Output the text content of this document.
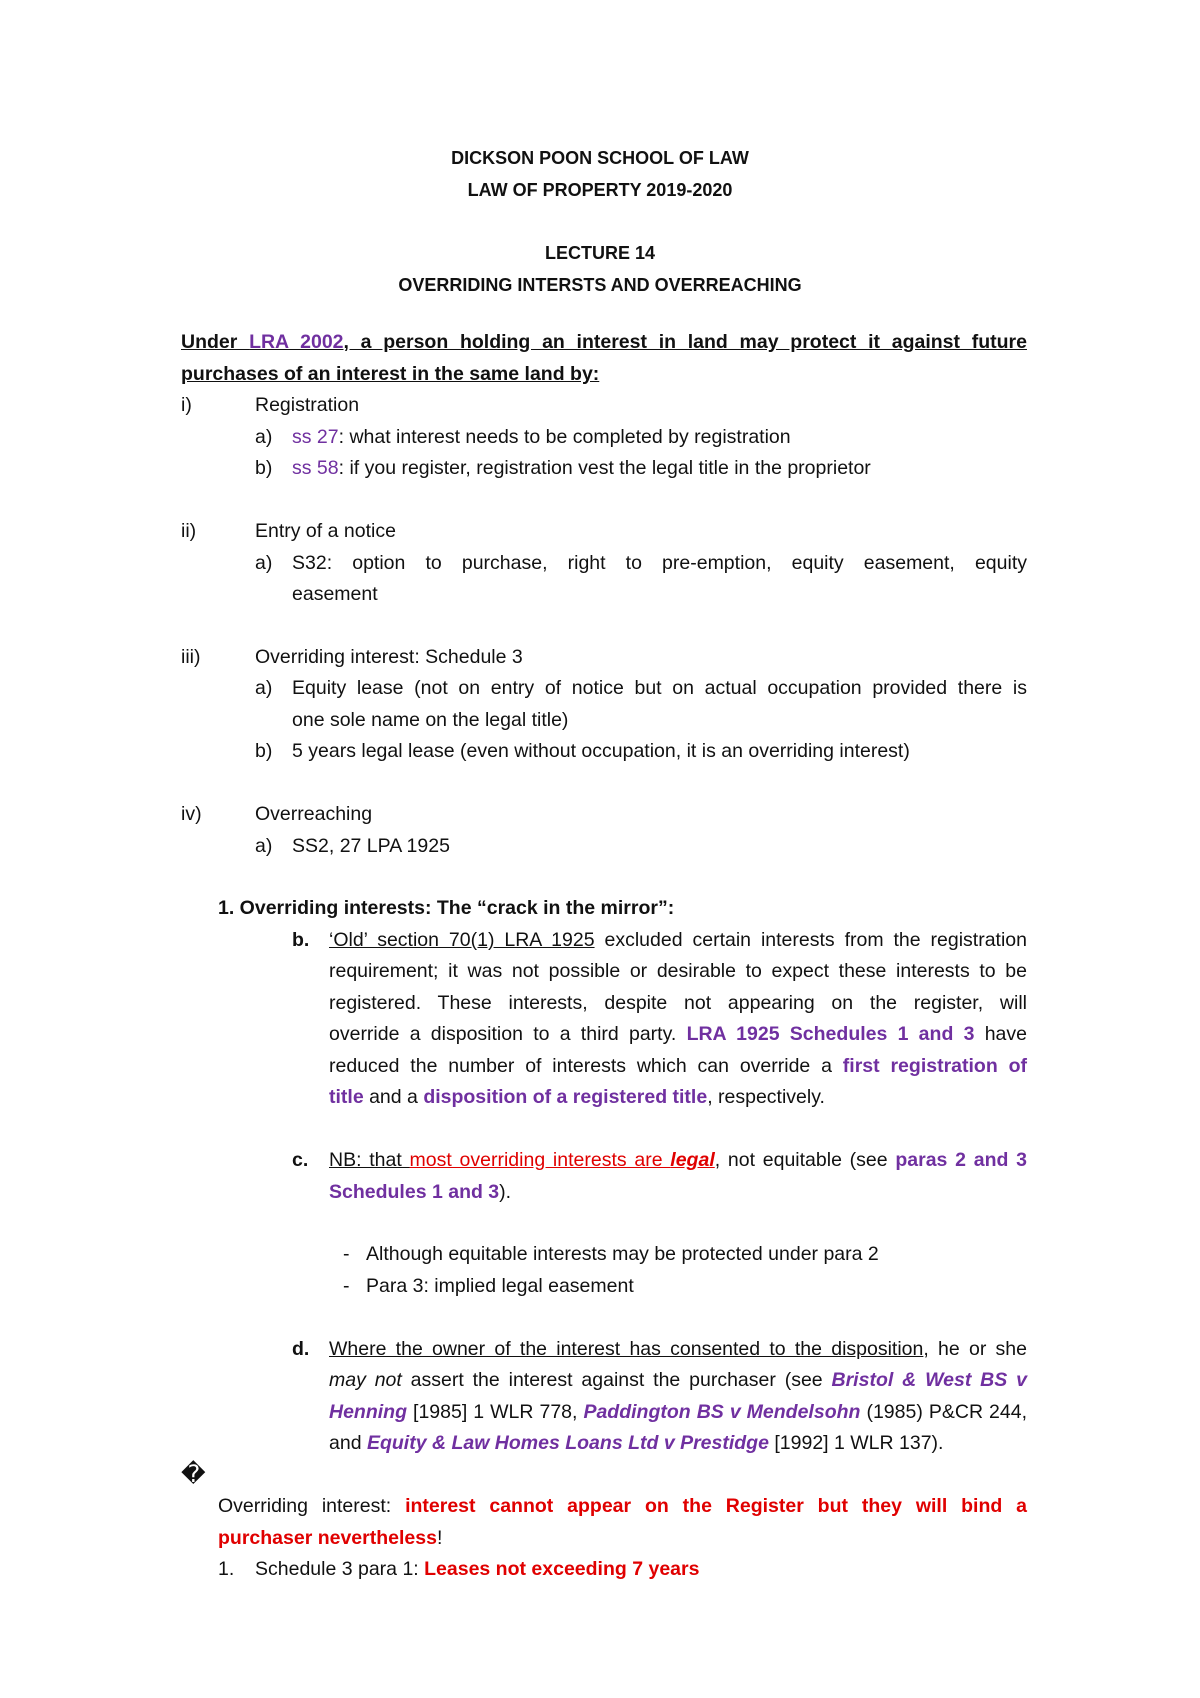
DICKSON POON SCHOOL OF LAW
LAW OF PROPERTY 2019-2020
LECTURE 14
OVERRIDING INTERSTS AND OVERREACHING
Under LRA 2002, a person holding an interest in land may protect it against future
purchases of an interest in the same land by:
i)	Registration
a) ss 27: what interest needs to be completed by registration
b) ss 58: if you register, registration vest the legal title in the proprietor
ii)	Entry of a notice
a) S32: option to purchase, right to pre-emption, equity easement, equity
easement
iii)	Overriding interest: Schedule 3
a) Equity lease (not on entry of notice but on actual occupation provided there is
one sole name on the legal title)
b) 5 years legal lease (even without occupation, it is an overriding interest)
iv)	Overreaching
a) SS2, 27 LPA 1925
1. Overriding interests: The “crack in the mirror”:
b. ‘Old’ section 70(1) LRA 1925 excluded certain interests from the registration
requirement; it was not possible or desirable to expect these interests to be
registered. These interests, despite not appearing on the register, will
override a disposition to a third party. LRA 1925 Schedules 1 and 3 have
reduced the number of interests which can override a first registration of
title and a disposition of a registered title, respectively.
c. NB: that most overriding interests are legal, not equitable (see paras 2 and 3
Schedules 1 and 3).
- Although equitable interests may be protected under para 2
- Para 3: implied legal easement
d. Where the owner of the interest has consented to the disposition, he or she
may not assert the interest against the purchaser (see Bristol & West BS v
Henning [1985] 1 WLR 778, Paddington BS v Mendelsohn (1985) P&CR 244,
and Equity & Law Homes Loans Ltd v Prestidge [1992] 1 WLR 137).
�
Overriding interest: interest cannot appear on the Register but they will bind a
purchaser nevertheless!
1. Schedule 3 para 1: Leases not exceeding 7 years
